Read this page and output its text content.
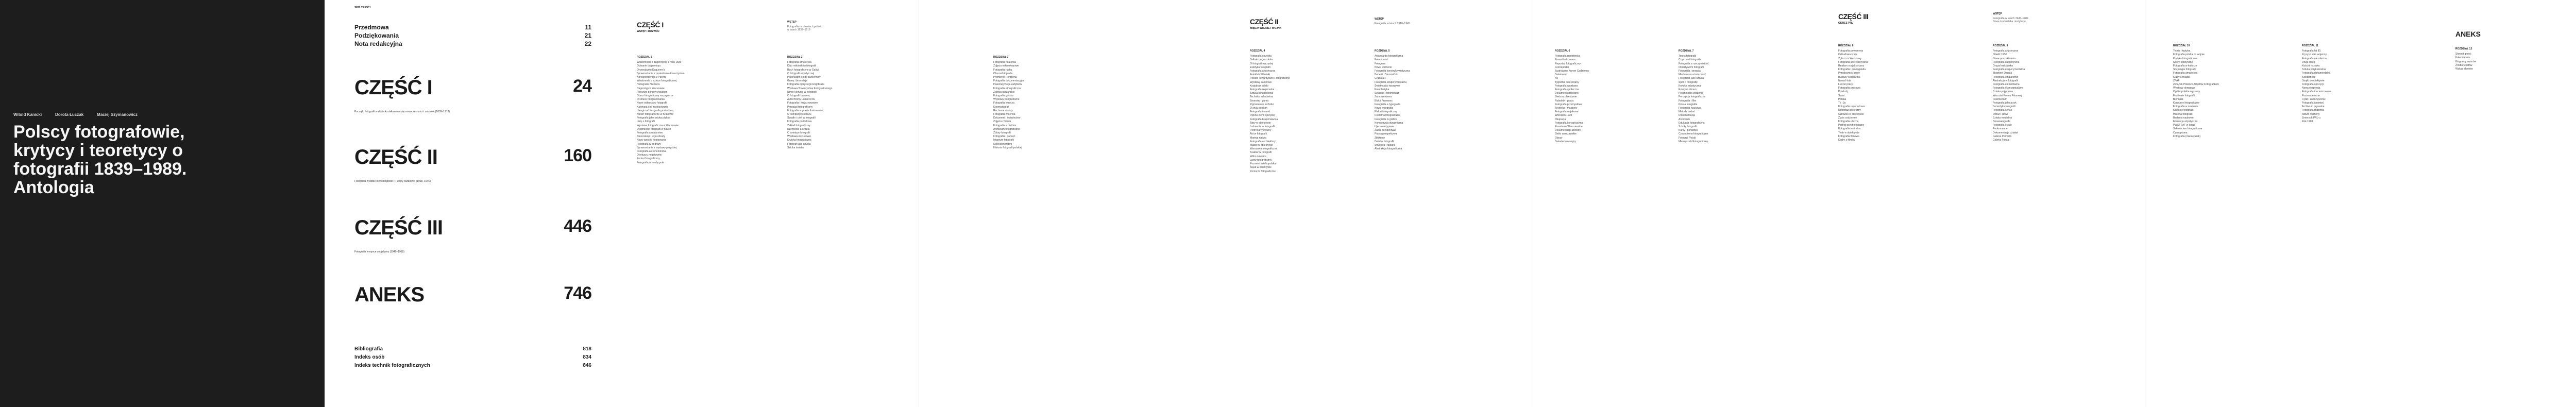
Witold Kanicki	Dorota Łuczak	Maciej Szymanowicz
Polscy fotografowie, krytycy i teoretycy o fotografii 1839–1989. Antologia
SPIS TREŚCI
Przedmowa	11
Podziękowania	21
Nota redakcyjna	22
CZĘŚĆ I	24
Początki fotografii w dobie kształtowania się nowoczesności i zaborów (1839–1918)
CZĘŚĆ II	160
Fotografia w dobie niepodległości i II wojny światowej (1918–1945)
CZĘŚĆ III	446
Fotografia w epoce socjalizmu (1945–1989)
ANEKS	746
Bibliografia	818
Indeks osób	834
Indeks technik fotograficznych	846
CZĘŚĆ I
WSTĘP I ROZWÓJ
WSTĘP
Fotografia na ziemiach polskich
w latach 1839–1918
ROZDZIAŁ 1
Wiadomości o dagerotypie z roku 1839
Opisanie dagerotypu
O wynalazku Daguerre'a
Sprawozdanie z posiedzenia towarzystwa
Korespondencja z Paryża
Wiadomość o sztuce fotograficznej
Heliografia Niépce'a
Dagerotyp w Warszawie
Pierwsze portrety światłem
Obraz fotograficzny na papierze
O sztuce fotografowania
Nowe odkrycia w fotografii
Kalotypia i jej zastosowanie
Uwagi nad fotografią portretową
Atelier fotograficzne w Krakowie
Fotografia jako sztuka piękna
Listy o fotografii
Wystawa fotograficzna w Warszawie
O potrzebie fotografii w nauce
Fotografia a malarstwo
Stereoskop i jego obrazy
Nowy sposób kopiowania
Fotografia w podróży
Sprawozdanie z wystawy paryskiej
Fotografia astronomiczna
O retuszu negatywów
Portret fotograficzny
Fotografia w medycynie
ROZDZIAŁ 2
Fotografia amatorska
Klub miłośników fotografii
Ruch fotograficzny w Galicji
O fotografii artystycznej
Piktorializm i jego zwolennicy
Gumy i bromoleje
Fotografia ojczystego krajobrazu
Wystawa Towarzystwa Fotograficznego
Nowe kierunki w fotografii
O fotografii barwnej
Autochromy Lumière'ów
Fotografia i krajoznawstwo
Przegląd fotograficzny
Fotografia w prasie ilustrowanej
O kompozycji obrazu
Światło i cień w fotografii
Fotografia portretowa
Zakład fotograficzny
Rzemiosło a sztuka
O estetyce fotografii
Wystawa we Lwowie
Krytyka fotograficzna
Fotograf jako artysta
Sztuka światła
ROZDZIAŁ 3
Fotografia naukowa
Zdjęcia mikroskopowe
Fotografia ruchu
Chronofotografia
Promienie Röntgena
Fotografia dokumentacyjna
Inwentaryzacja zabytków
Fotografia etnograficzna
Zdjęcia tatrzańskie
Fotografia górska
Wyprawy fotograficzne
Fotografia lotnicza
Kinematograf
Ruchome obrazy
Fotografia wojenna
Dokument i świadectwo
Zdjęcia z frontu
Fotografia a historia
Archiwum fotograficzne
Zbiory fotografii
Fotografia i pamięć
Muzeum fotografii
Kolekcjonerstwo
Historia fotografii polskiej
CZĘŚĆ II
MIĘDZYWOJNIE I WOJNA
WSTĘP
Fotografia w latach 1918–1945
ROZDZIAŁ 4
Fotografia ojczysta
Bułhak i jego szkoła
O fotografii ojczystej
Estetyka fotografii
Fotografia artystyczna
Fotoklub Wileński
Polskie Towarzystwo Fotograficzne
Wystawy salonowe
Krajobraz polski
Fotografia regionalna
Sztuka światłocienia
Technika szlachetna
Bromolej i guma
Pigmentowe techniki
O stylu polskim
Fotografia i naród
Piękno ziemi ojczystej
Fotografia krajoznawcza
Tatry w obiektywie
Ludowość w fotografii
Portret artystyczny
Akt w fotografii
Martwa natura
Fotografia architektury
Miasto w obiektywie
Warszawa fotograficzna
Kraków w fotografii
Wilno i okolice
Lwów fotograficzny
Poznań i Wielkopolska
Śląsk w obiektywie
Pomorze fotograficzne
ROZDZIAŁ 5
Awangarda fotograficzna
Fotomontaż
Fotogram
Nowe widzenie
Fotografia konstruktywistyczna
Berlewi i Strzemiński
Grupa a.r.
Fotografia eksperymentalna
Światło jako tworzywo
Fotoplastyka
Szczuka i fotomontaż
Żarnowerówna
Blok i Praesens
Fotografia a typografia
Nowa typografia
Plakat fotograficzny
Reklama fotograficzna
Fotografia w grafice
Kompozycja dynamiczna
Ujęcia nietypowe
Żabia perspektywa
Ptasia perspektywa
Zbliżenie
Detal w fotografii
Struktura i faktura
Abstrakcja fotograficzna
ROZDZIAŁ 6
Fotografia reporterska
Prasa ilustrowana
Reportaż fotograficzny
Fotoreporter
Ilustrowany Kuryer Codzienny
Światowid
As
Tygodnik Ilustrowany
Fotografia sportowa
Fotografia społeczna
Dokument społeczny
Bieda w obiektywie
Robotnik i praca
Fotografia przemysłowa
Technika i maszyny
Fotografia wojskowa
Wrzesień 1939
Okupacja
Fotografia konspiracyjna
Powstanie Warszawskie
Dokumentacja zbrodni
Getto warszawskie
Obozy
Świadectwo wojny
ROZDZIAŁ 7
Teoria fotografii
Czym jest fotografia
Fotografia a rzeczywistość
Obiektywizm fotografii
Fotografia i prawda
Mechanizm a twórczość
Fotografia jako sztuka
Spór o fotografię
Krytyka artystyczna
Estetyka obrazu
Psychologia widzenia
Percepcja fotograficzna
Fotografia i film
Kino a fotografia
Fotografia naukowa
Metody badań
Dokumentacja
Archiwum
Edukacja fotograficzna
Szkoły fotografii
Kursy i poradniki
Czasopisma fotograficzne
Fotograf Polski
Miesięcznik Fotograficzny
CZĘŚĆ III
OKRES PRL
WSTĘP
Fotografia w latach 1945–1989
Nowe środowiska i instytucje
ROZDZIAŁ 8
Fotografia powojenna
Odbudowa kraju
Zgliszcza Warszawy
Fotografia socrealistyczna
Realizm socjalistyczny
Fotografia i propaganda
Przodownicy pracy
Budowy socjalizmu
Nowa Huta
Ludzie pracy
Fotografia prasowa
Przekrój
Świat
Polska
Ty i Ja
Fotografia reportażowa
Reportaż społeczny
Człowiek w obiektywie
Życie codzienne
Fotografia uliczna
Portret psychologiczny
Fotografia teatralna
Teatr w obiektywie
Fotografia filmowa
Kadry z filmów
ROZDZIAŁ 9
Fotografia artystyczna
Odwilż 1956
Nowe poszukiwania
Fotografia subiektywna
Grupa krakowska
Fotografia eksperymentalna
Zbigniew Dłubak
Fotografia i malarstwo
Abstrakcja w fotografii
Fotografia elementarna
Fotografia i konceptualizm
Sztuka pojęciowa
Warsztat Formy Filmowej
Fotomedium
Fotografia jako język
Semiotyka fotografii
Fotografia i znak
Obraz i słowo
Sztuka medialna
Neoawangarda
Fotografia i ciało
Performance
Dokumentacja działań
Galeria Permafo
Galeria Foksal
ROZDZIAŁ 10
Teoria i krytyka
Fotografia polska po wojnie
Krytyka fotograficzna
Spory estetyczne
Fotografia w kulturze
Socjologia fotografii
Fotografia amatorska
Kluby i związki
ZPAF
Związek Polskich Artystów Fotografików
Wystawy okręgowe
Ogólnopolskie wystawy
Festiwale fotografii
Biennale
Konkursy fotograficzne
Fotografia w muzeum
Kolekcje fotografii
Historia fotografii
Badania naukowe
Edukacja artystyczna
PWSFTviT w Łodzi
Szkolnictwo fotograficzne
Czasopisma
Fotografia (miesięcznik)
ROZDZIAŁ 11
Fotografia lat 80.
Kryzys i stan wojenny
Fotografia niezależna
Drugi obieg
Kościół i sztuka
Sztuka przykościelna
Fotografia dokumentalna
Solidarność
Strajki w obiektywie
Fotografia opozycji
Nowa ekspresja
Fotografia inscenizowana
Postmodernizm
Cytat i zapożyczenie
Fotografia i pamięć
Archiwum prywatne
Fotografia rodzinna
Album rodzinny
Zmierzch PRL-u
Rok 1989
ANEKS
ROZDZIAŁ 12
Słownik pojęć
Kalendarium
Biogramy autorów
Źródła tekstów
Wykaz skrótów
